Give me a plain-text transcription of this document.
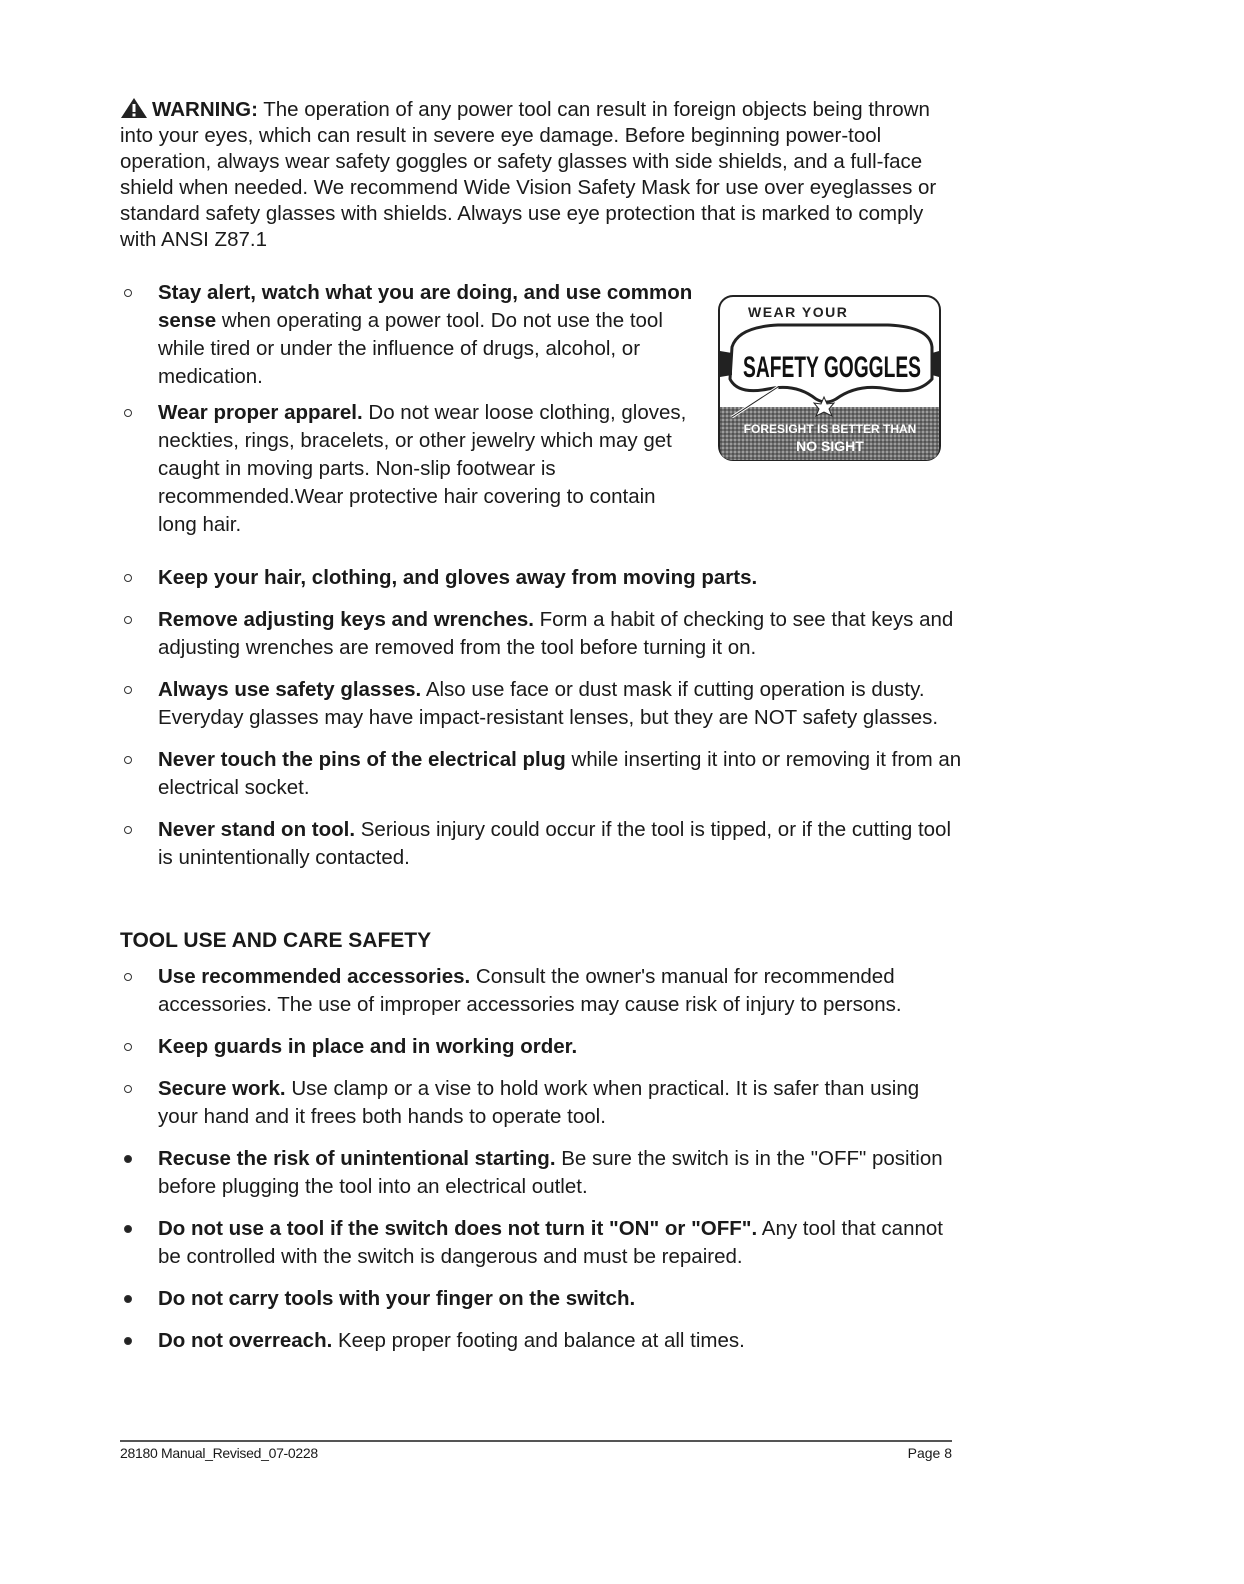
WARNING: The operation of any power tool can result in foreign objects being thrown into your eyes, which can result in severe eye damage. Before beginning power-tool operation, always wear safety goggles or safety glasses with side shields, and a full-face shield when needed. We recommend Wide Vision Safety Mask for use over eyeglasses or standard safety glasses with shields. Always use eye protection that is marked to comply with ANSI Z87.1
Stay alert, watch what you are doing, and use common sense when operating a power tool. Do not use the tool while tired or under the influence of drugs, alcohol, or medication.
Wear proper apparel. Do not wear loose clothing, gloves, neckties, rings, bracelets, or other jewelry which may get caught in moving parts. Non-slip footwear is recommended.Wear protective hair covering to contain long hair.
WEAR YOUR
SAFETY GOGGLES
FORESIGHT IS BETTER THAN
NO SIGHT
Keep your hair, clothing, and gloves away from moving parts.
Remove adjusting keys and wrenches. Form a habit of checking to see that keys and adjusting wrenches are removed from the tool before turning it on.
Always use safety glasses. Also use face or dust mask if cutting operation is dusty. Everyday glasses may have impact-resistant lenses, but they are NOT safety glasses.
Never touch the pins of the electrical plug while inserting it into or removing it from an electrical socket.
Never stand on tool. Serious injury could occur if the tool is tipped, or if the cutting tool is unintentionally contacted.
TOOL USE AND CARE SAFETY
Use recommended accessories. Consult the owner's manual for recommended accessories. The use of improper accessories may cause risk of injury to persons.
Keep guards in place and in working order.
Secure work. Use clamp or a vise to hold work when practical. It is safer than using your hand and it frees both hands to operate tool.
Recuse the risk of unintentional starting. Be sure the switch is in the "OFF" position before plugging the tool into an electrical outlet.
Do not use a tool if the switch does not turn it "ON" or "OFF". Any tool that cannot be controlled with the switch is dangerous and must be repaired.
Do not carry tools with your finger on the switch.
Do not overreach. Keep proper footing and balance at all times.
28180 Manual_Revised_07-0228	Page 8
